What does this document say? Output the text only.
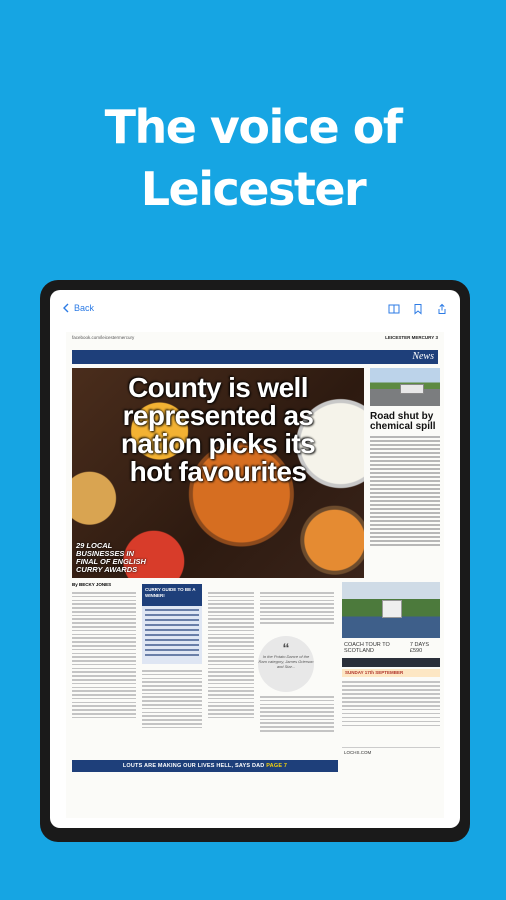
The voice of
Leicester
Back
facebook.com/leicestermercury	LEICESTER MERCURY 3
News
County is well represented as nation picks its hot favourites
29 LOCAL BUSINESSES IN FINAL OF ENGLISH CURRY AWARDS
Road shut by chemical spill
By BECKY JONES
CURRY GUIDE TO BE A WINNER!
“
In the Potato Dance of the Ram category, James Grierson and Star...
COACH TOUR TO SCOTLAND
7 DAYS £590
SUNDAY 17th SEPTEMBER
LOCHS.COM
LOUTS ARE MAKING OUR LIVES HELL, SAYS DAD PAGE 7
